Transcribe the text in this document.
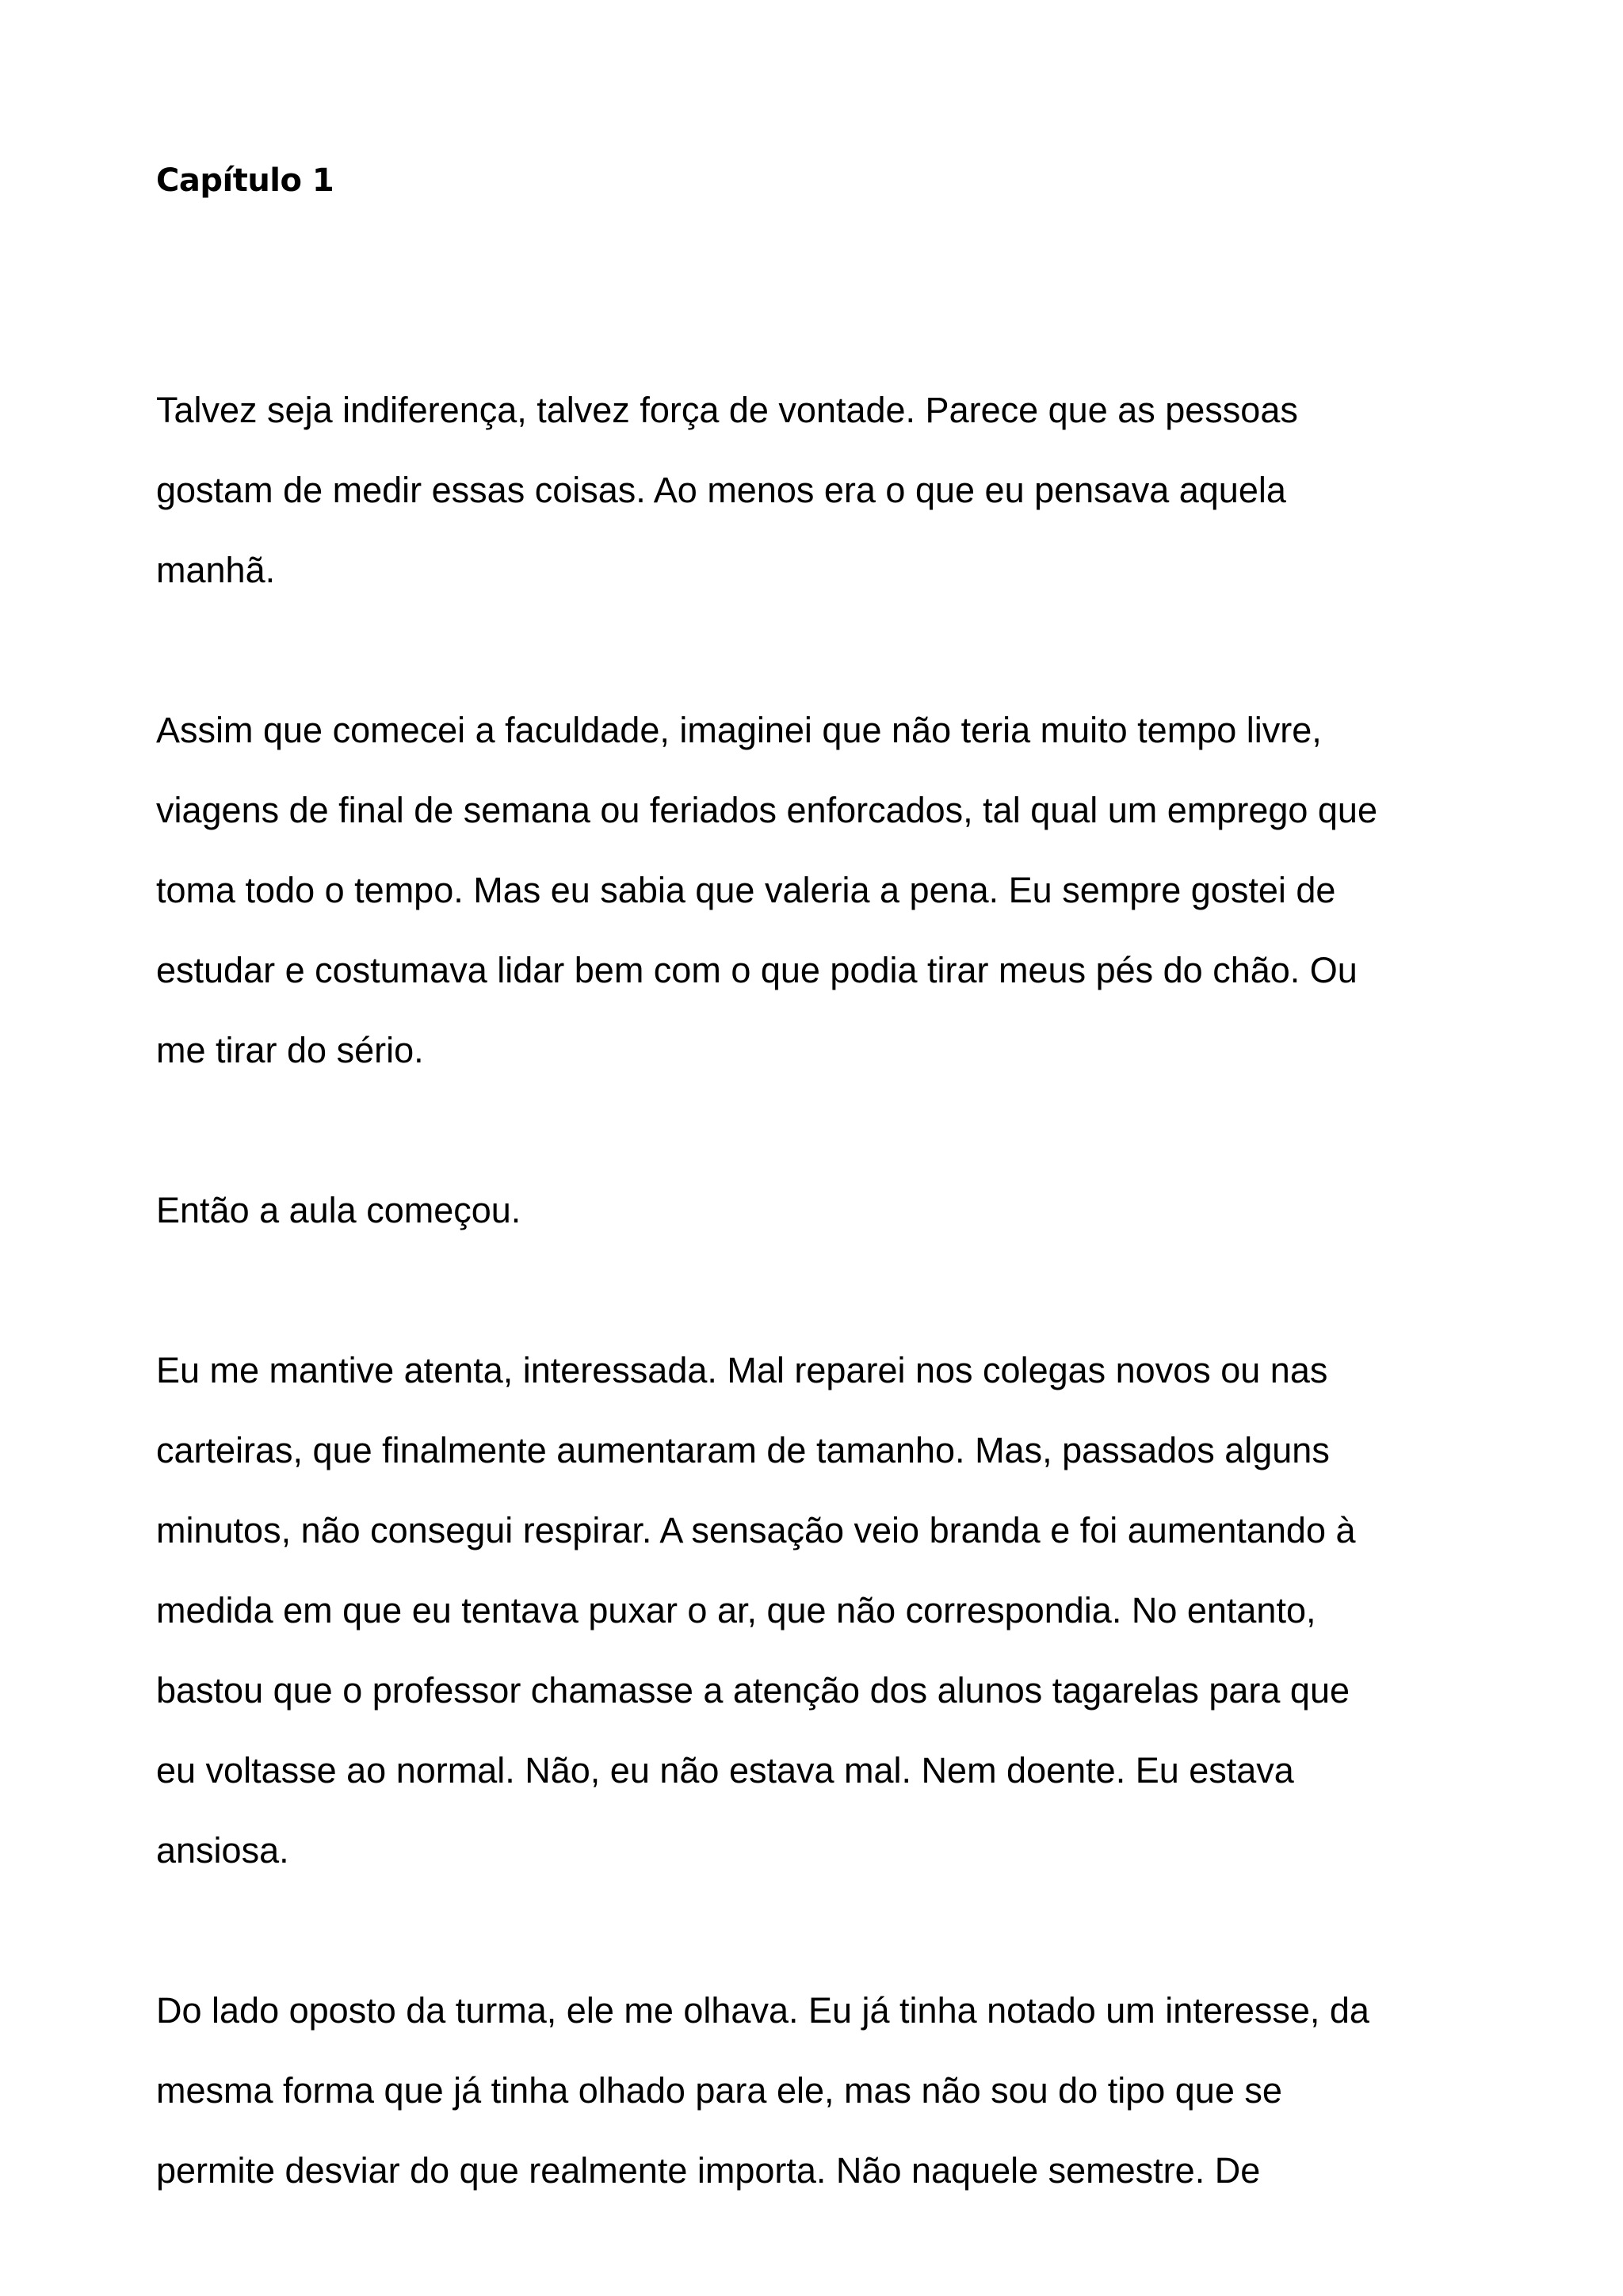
Capítulo 1
Talvez seja indiferença, talvez força de vontade. Parece que as pessoas
gostam de medir essas coisas. Ao menos era o que eu pensava aquela
manhã.
Assim que comecei a faculdade, imaginei que não teria muito tempo livre,
viagens de final de semana ou feriados enforcados, tal qual um emprego que
toma todo o tempo. Mas eu sabia que valeria a pena. Eu sempre gostei de
estudar e costumava lidar bem com o que podia tirar meus pés do chão. Ou
me tirar do sério.
Então a aula começou.
Eu me mantive atenta, interessada. Mal reparei nos colegas novos ou nas
carteiras, que finalmente aumentaram de tamanho. Mas, passados alguns
minutos, não consegui respirar. A sensação veio branda e foi aumentando à
medida em que eu tentava puxar o ar, que não correspondia. No entanto,
bastou que o professor chamasse a atenção dos alunos tagarelas para que
eu voltasse ao normal. Não, eu não estava mal. Nem doente. Eu estava
ansiosa.
Do lado oposto da turma, ele me olhava. Eu já tinha notado um interesse, da
mesma forma que já tinha olhado para ele, mas não sou do tipo que se
permite desviar do que realmente importa. Não naquele semestre. De
